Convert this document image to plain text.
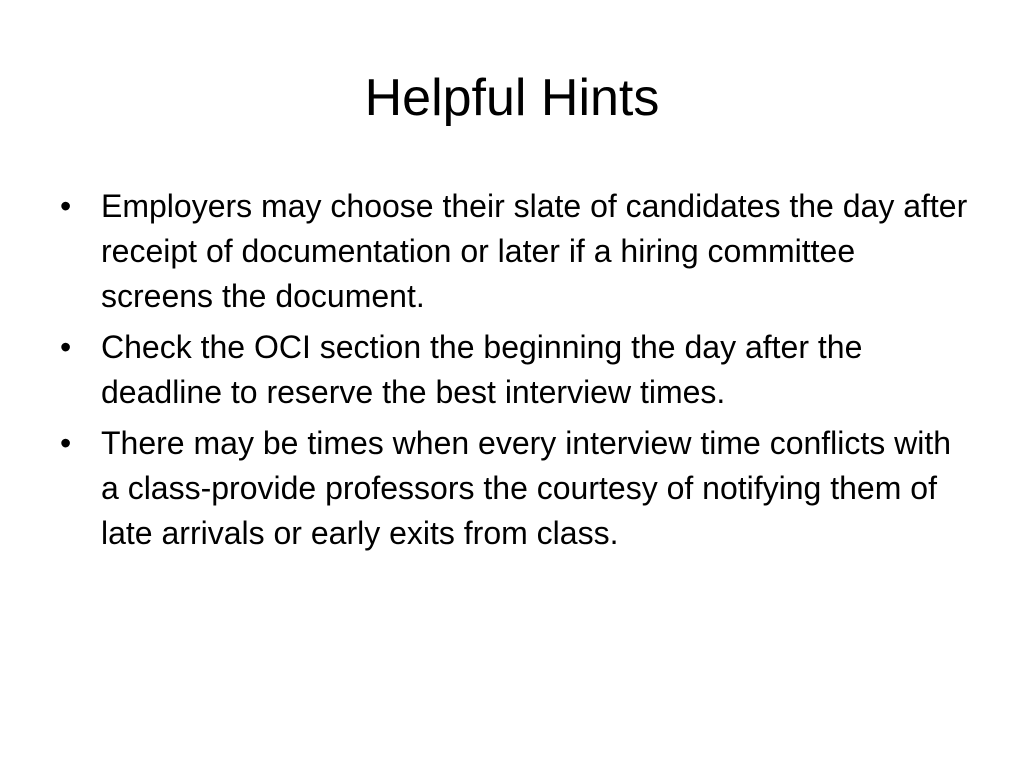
Helpful Hints
• Employers may choose their slate of candidates the day after receipt of documentation or later if a hiring committee screens the document.
• Check the OCI section the beginning the day after the deadline to reserve the best interview times.
• There may be times when every interview time conflicts with a class-provide professors the courtesy of notifying them of late arrivals or early exits from class.
